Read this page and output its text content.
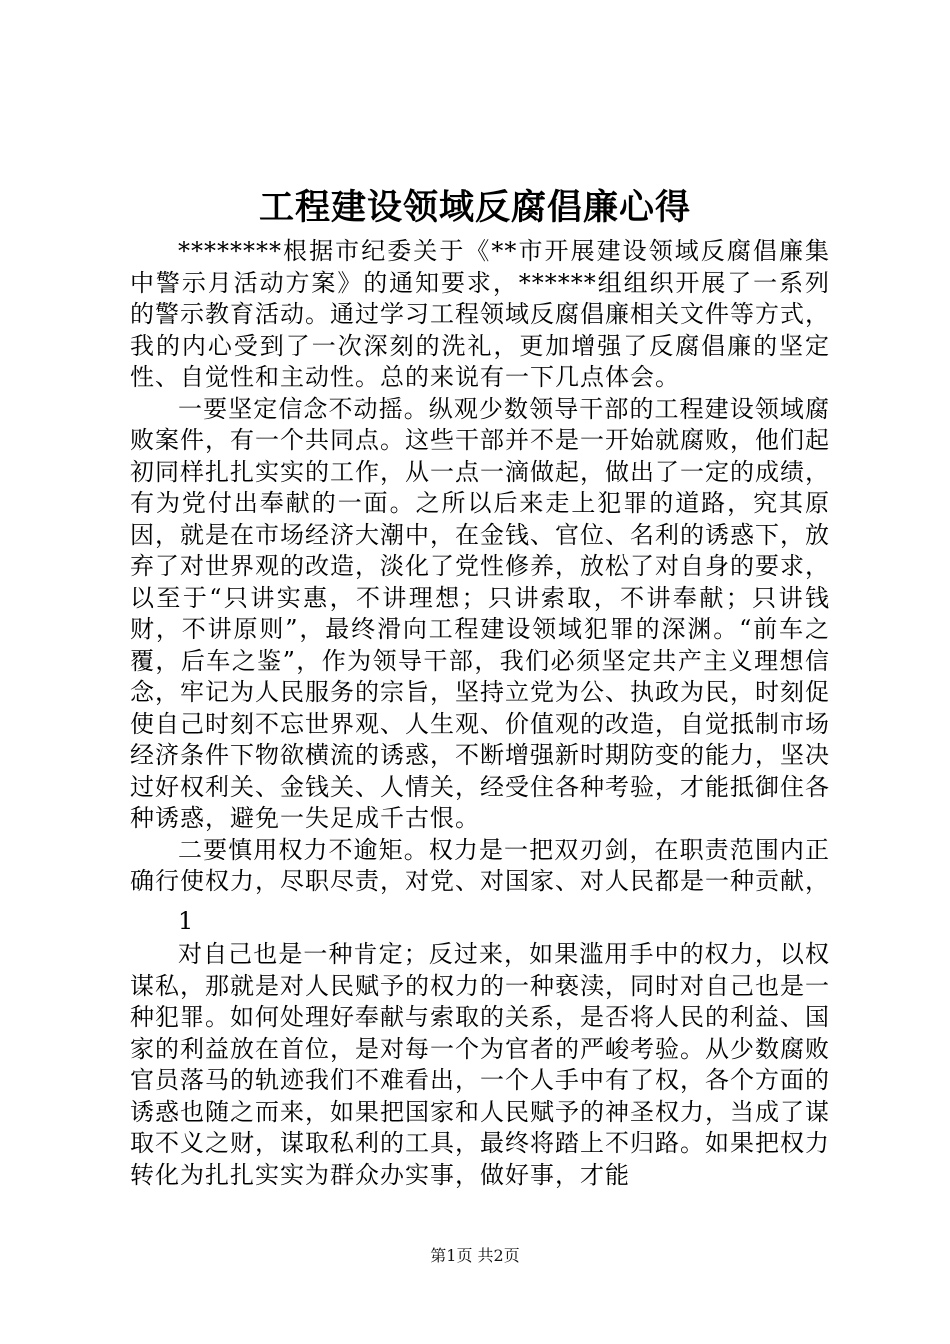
工程建设领域反腐倡廉心得

********根据市纪委关于《**市开展建设领域反腐倡廉集中警示月活动方案》的通知要求，******组组织开展了一系列的警示教育活动。通过学习工程领域反腐倡廉相关文件等方式，我的内心受到了一次深刻的洗礼，更加增强了反腐倡廉的坚定性、自觉性和主动性。总的来说有一下几点体会。

一要坚定信念不动摇。纵观少数领导干部的工程建设领域腐败案件，有一个共同点。这些干部并不是一开始就腐败，他们起初同样扎扎实实的工作，从一点一滴做起，做出了一定的成绩，有为党付出奉献的一面。之所以后来走上犯罪的道路，究其原因，就是在市场经济大潮中，在金钱、官位、名利的诱惑下，放弃了对世界观的改造，淡化了党性修养，放松了对自身的要求，以至于“只讲实惠，不讲理想；只讲索取，不讲奉献；只讲钱财，不讲原则”，最终滑向工程建设领域犯罪的深渊。“前车之覆，后车之鉴”，作为领导干部，我们必须坚定共产主义理想信念，牢记为人民服务的宗旨，坚持立党为公、执政为民，时刻促使自己时刻不忘世界观、人生观、价值观的改造，自觉抵制市场经济条件下物欲横流的诱惑，不断增强新时期防变的能力，坚决过好权利关、金钱关、人情关，经受住各种考验，才能抵御住各种诱惑，避免一失足成千古恨。

二要慎用权力不逾矩。权力是一把双刃剑，在职责范围内正确行使权力，尽职尽责，对党、对国家、对人民都是一种贡献，

1

对自己也是一种肯定；反过来，如果滥用手中的权力，以权谋私，那就是对人民赋予的权力的一种亵渎，同时对自己也是一种犯罪。如何处理好奉献与索取的关系，是否将人民的利益、国家的利益放在首位，是对每一个为官者的严峻考验。从少数腐败官员落马的轨迹我们不难看出，一个人手中有了权，各个方面的诱惑也随之而来，如果把国家和人民赋予的神圣权力，当成了谋取不义之财，谋取私利的工具，最终将踏上不归路。如果把权力转化为扎扎实实为群众办实事，做好事，才能

第1页 共2页
